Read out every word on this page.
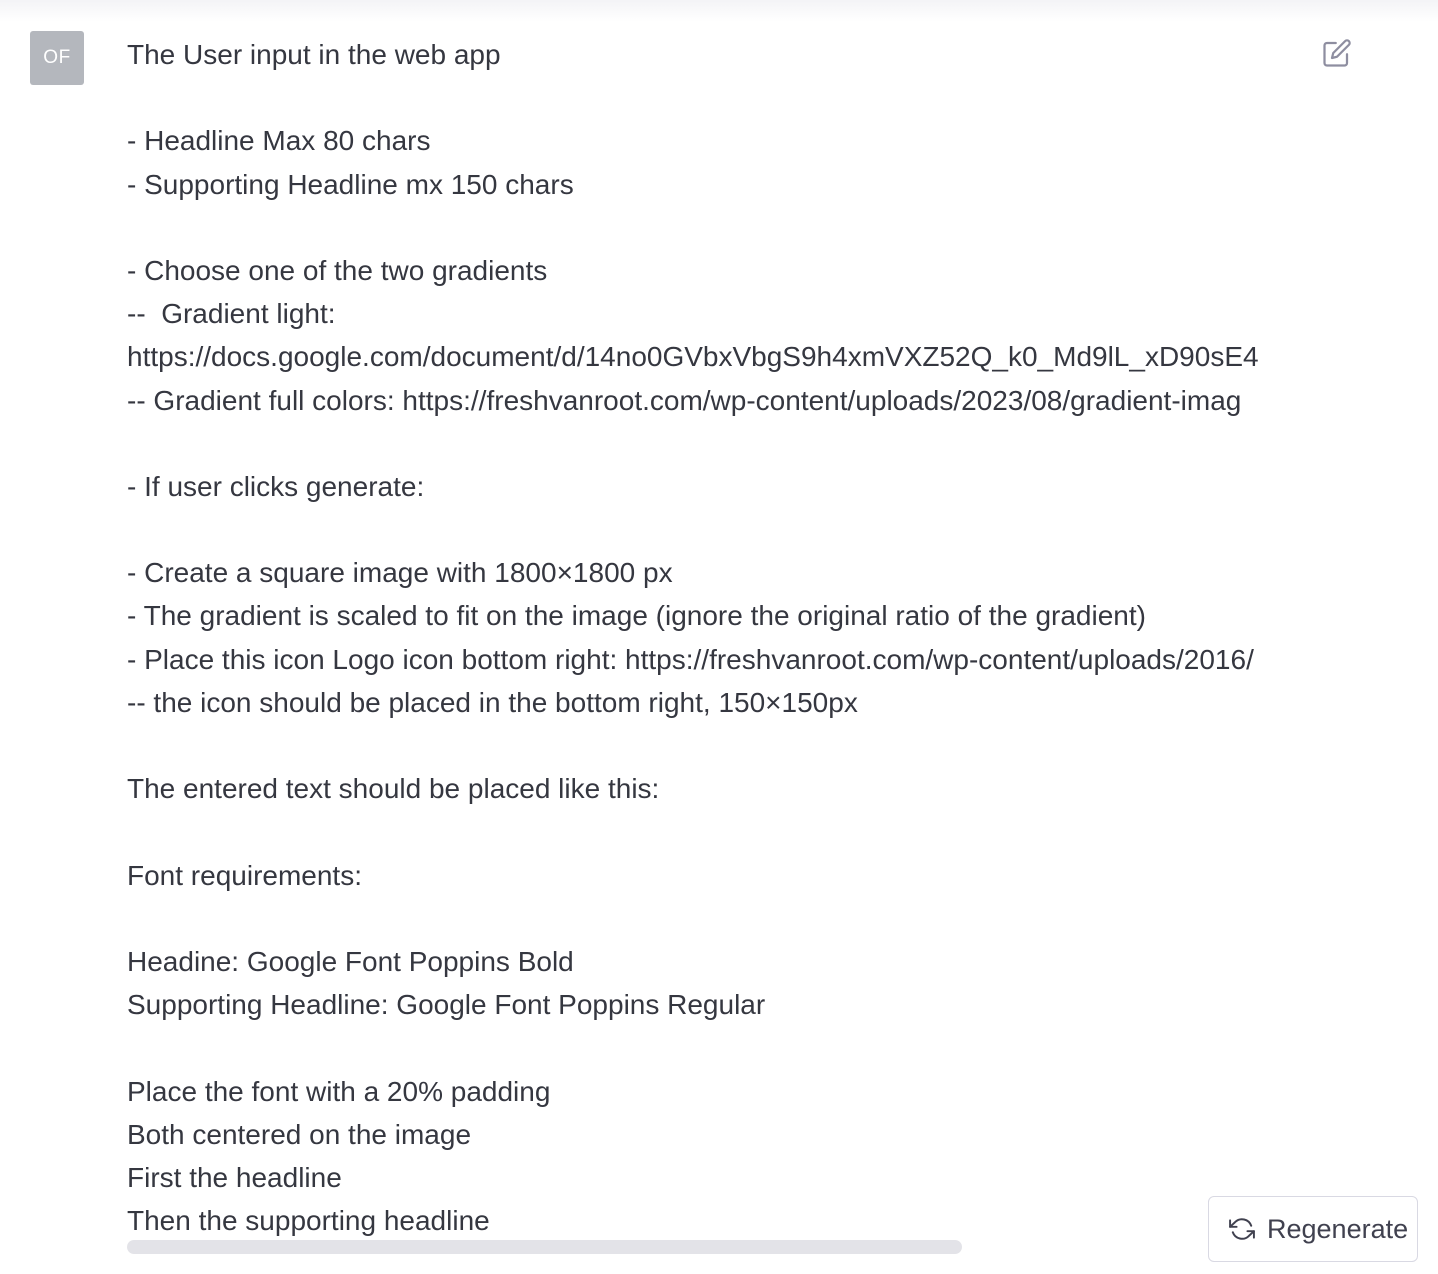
OF The User input in the web app

- Headline Max 80 chars
- Supporting Headline mx 150 chars

- Choose one of the two gradients
--  Gradient light:
https://docs.google.com/document/d/14no0GVbxVbgS9h4xmVXZ52Q_k0_Md9lL_xD90sE4
-- Gradient full colors: https://freshvanroot.com/wp-content/uploads/2023/08/gradient-imag

- If user clicks generate:

- Create a square image with 1800×1800 px
- The gradient is scaled to fit on the image (ignore the original ratio of the gradient)
- Place this icon Logo icon bottom right: https://freshvanroot.com/wp-content/uploads/2016/
-- the icon should be placed in the bottom right, 150×150px

The entered text should be placed like this:

Font requirements:

Headine: Google Font Poppins Bold
Supporting Headline: Google Font Poppins Regular

Place the font with a 20% padding
Both centered on the image
First the headline
Then the supporting headline	Regenerate
